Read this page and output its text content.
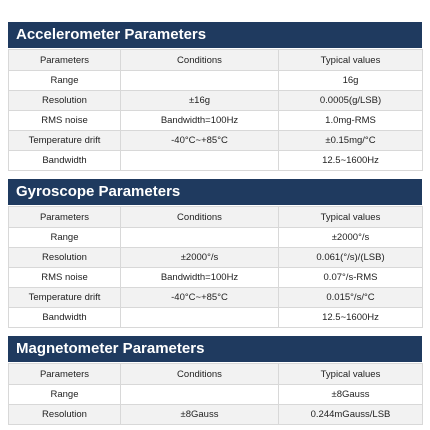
Accelerometer Parameters
Parameters	Conditions	Typical values
Range		16g
Resolution	±16g	0.0005(g/LSB)
RMS noise	Bandwidth=100Hz	1.0mg-RMS
Temperature drift	-40°C~+85°C	±0.15mg/°C
Bandwidth		12.5~1600Hz
Gyroscope Parameters
Parameters	Conditions	Typical values
Range		±2000°/s
Resolution	±2000°/s	0.061(°/s)/(LSB)
RMS noise	Bandwidth=100Hz	0.07°/s-RMS
Temperature drift	-40°C~+85°C	0.015°/s/°C
Bandwidth		12.5~1600Hz
Magnetometer Parameters
Parameters	Conditions	Typical values
Range		±8Gauss
Resolution	±8Gauss	0.244mGauss/LSB
